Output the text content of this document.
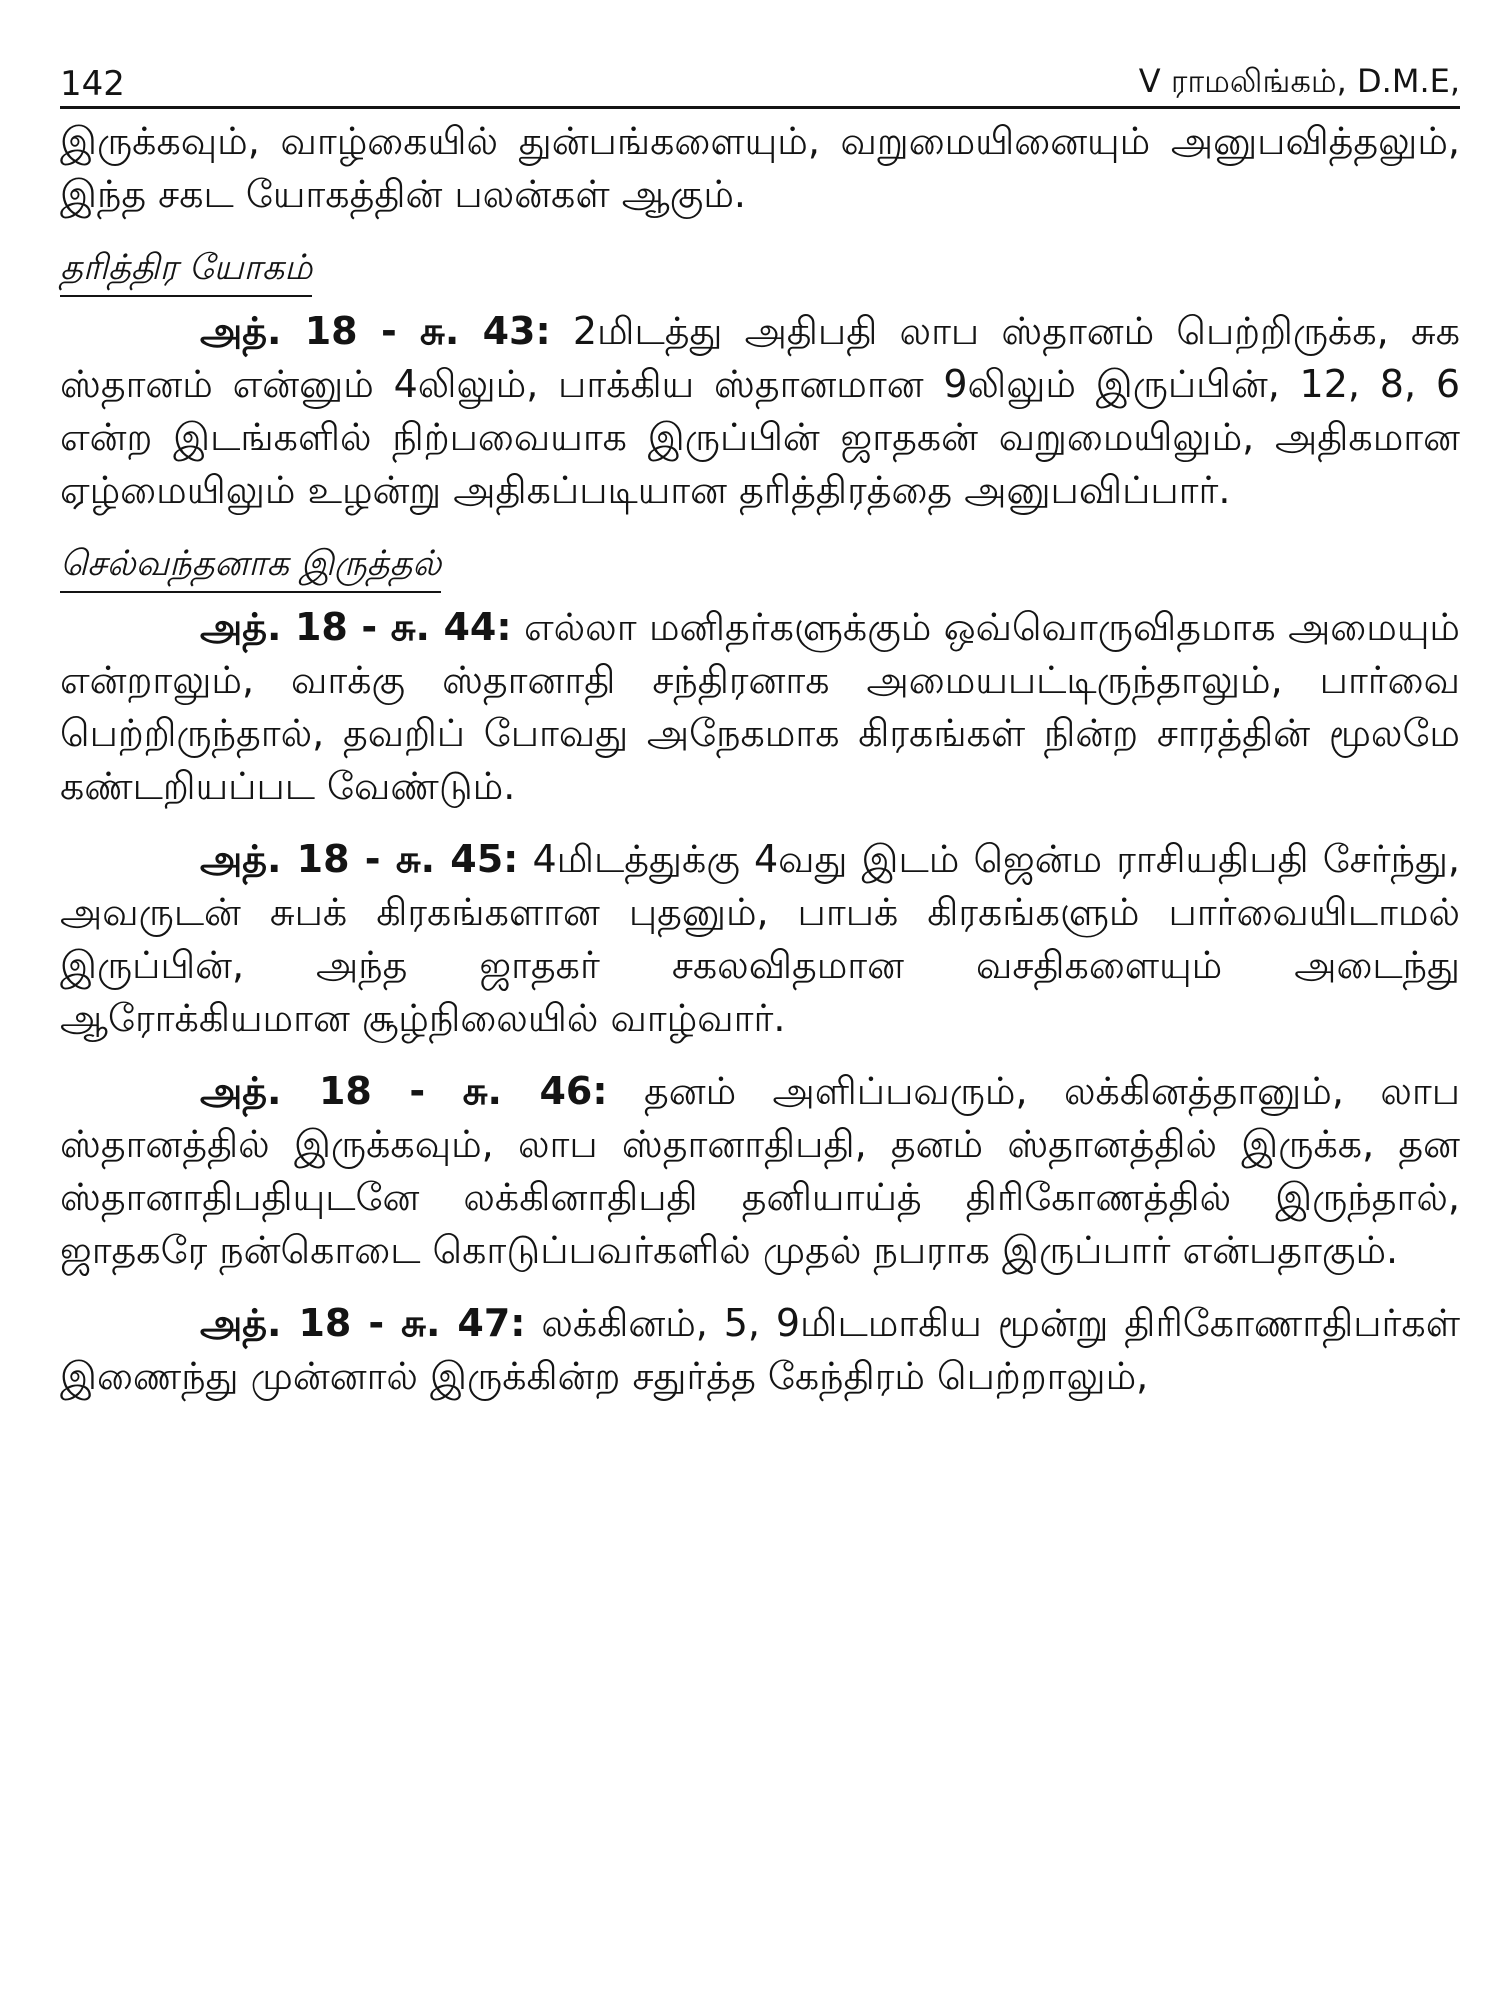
142	V ராமலிங்கம், D.M.E,

இருக்கவும், வாழ்கையில் துன்பங்களையும், வறுமையினையும் அனுபவித்தலும், இந்த சகட யோகத்தின் பலன்கள் ஆகும்.

தரித்திர யோகம்

அத். 18 - சு. 43: 2மிடத்து அதிபதி லாப ஸ்தானம் பெற்றிருக்க, சுக ஸ்தானம் என்னும் 4லிலும், பாக்கிய ஸ்தானமான 9லிலும் இருப்பின், 12, 8, 6 என்ற இடங்களில் நிற்பவையாக இருப்பின் ஜாதகன் வறுமையிலும், அதிகமான ஏழ்மையிலும் உழன்று அதிகப்படியான தரித்திரத்தை அனுபவிப்பார்.

செல்வந்தனாக இருத்தல்

அத். 18 - சு. 44: எல்லா மனிதர்களுக்கும் ஒவ்வொருவிதமாக அமையும் என்றாலும், வாக்கு ஸ்தானாதி சந்திரனாக அமையபட்டிருந்தாலும், பார்வை பெற்றிருந்தால், தவறிப் போவது அநேகமாக கிரகங்கள் நின்ற சாரத்தின் மூலமே கண்டறியப்பட வேண்டும்.

அத். 18 - சு. 45: 4மிடத்துக்கு 4வது இடம் ஜென்ம ராசியதிபதி சேர்ந்து, அவருடன் சுபக் கிரகங்களான புதனும், பாபக் கிரகங்களும் பார்வையிடாமல் இருப்பின், அந்த ஜாதகர் சகலவிதமான வசதிகளையும் அடைந்து ஆரோக்கியமான சூழ்நிலையில் வாழ்வார்.

அத். 18 - சு. 46: தனம் அளிப்பவரும், லக்கினத்தானும், லாப ஸ்தானத்தில் இருக்கவும், லாப ஸ்தானாதிபதி, தனம் ஸ்தானத்தில் இருக்க, தன ஸ்தானாதிபதியுடனே லக்கினாதிபதி தனியாய்த் திரிகோணத்தில் இருந்தால், ஜாதகரே நன்கொடை கொடுப்பவர்களில் முதல் நபராக இருப்பார் என்பதாகும்.

அத். 18 - சு. 47: லக்கினம், 5, 9மிடமாகிய மூன்று திரிகோணாதிபர்கள் இணைந்து முன்னால் இருக்கின்ற சதுர்த்த கேந்திரம் பெற்றாலும்,
